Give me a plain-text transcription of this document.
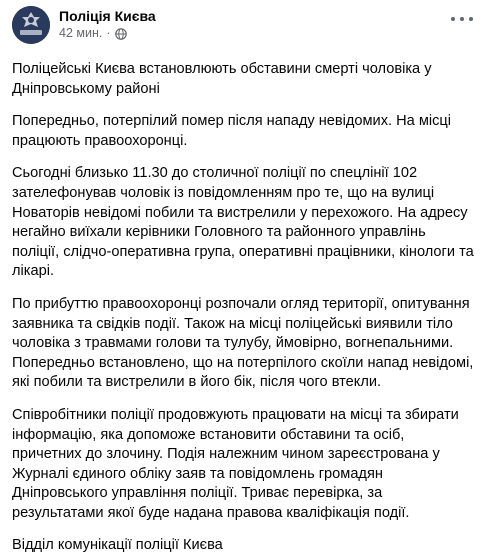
Поліція Києва
42 мин. ·

Поліцейські Києва встановлюють обставини смерті чоловіка у Дніпровському районі

Попередньо, потерпілий помер після нападу невідомих. На місці працюють правоохоронці.

Сьогодні близько 11.30 до столичної поліції по спецлінії 102 зателефонував чоловік із повідомленням про те, що на вулиці Новаторів невідомі побили та вистрелили у перехожого. На адресу негайно виїхали керівники Головного та районного управлінь поліції, слідчо-оперативна група, оперативні працівники, кінологи та лікарі.

По прибуттю правоохоронці розпочали огляд території, опитування заявника та свідків події. Також на місці поліцейські виявили тіло чоловіка з травмами голови та тулубу, ймовірно, вогнепальними. Попередньо встановлено, що на потерпілого скоїли напад невідомі, які побили та вистрелили в його бік, після чого втекли.

Співробітники поліції продовжують працювати на місці та збирати інформацію, яка допоможе встановити обставини та осіб, причетних до злочину. Подія належним чином зареєстрована у Журналі єдиного обліку заяв та повідомлень громадян Дніпровського управління поліції. Триває перевірка, за результатами якої буде надана правова кваліфікація події.

Відділ комунікації поліції Києва
